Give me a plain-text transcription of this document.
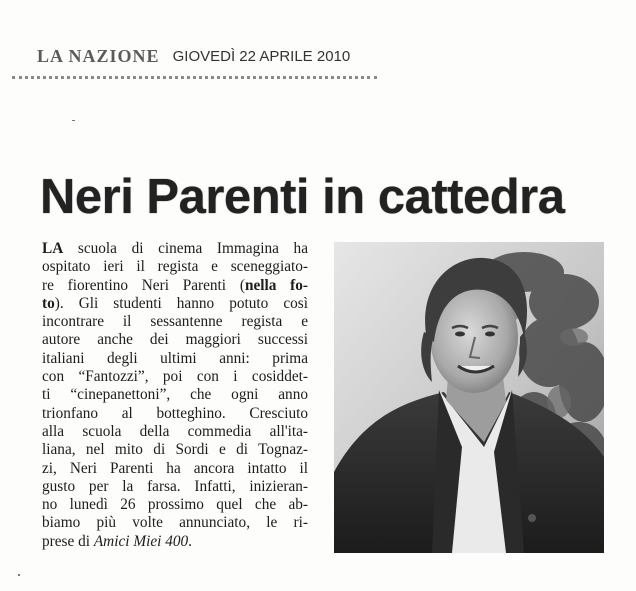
LA NAZIONE GIOVEDÌ 22 APRILE 2010
Neri Parenti in cattedra
LA scuola di cinema Immagina ha
ospitato ieri il regista e sceneggiato-
re fiorentino Neri Parenti (nella fo-
to). Gli studenti hanno potuto così
incontrare il sessantenne regista e
autore anche dei maggiori successi
italiani degli ultimi anni: prima
con “Fantozzi”, poi con i cosiddet-
ti “cinepanettoni”, che ogni anno
trionfano al botteghino. Cresciuto
alla scuola della commedia all'ita-
liana, nel mito di Sordi e di Tognaz-
zi, Neri Parenti ha ancora intatto il
gusto per la farsa. Infatti, inizieran-
no lunedì 26 prossimo quel che ab-
biamo più volte annunciato, le ri-
prese di Amici Miei 400.
